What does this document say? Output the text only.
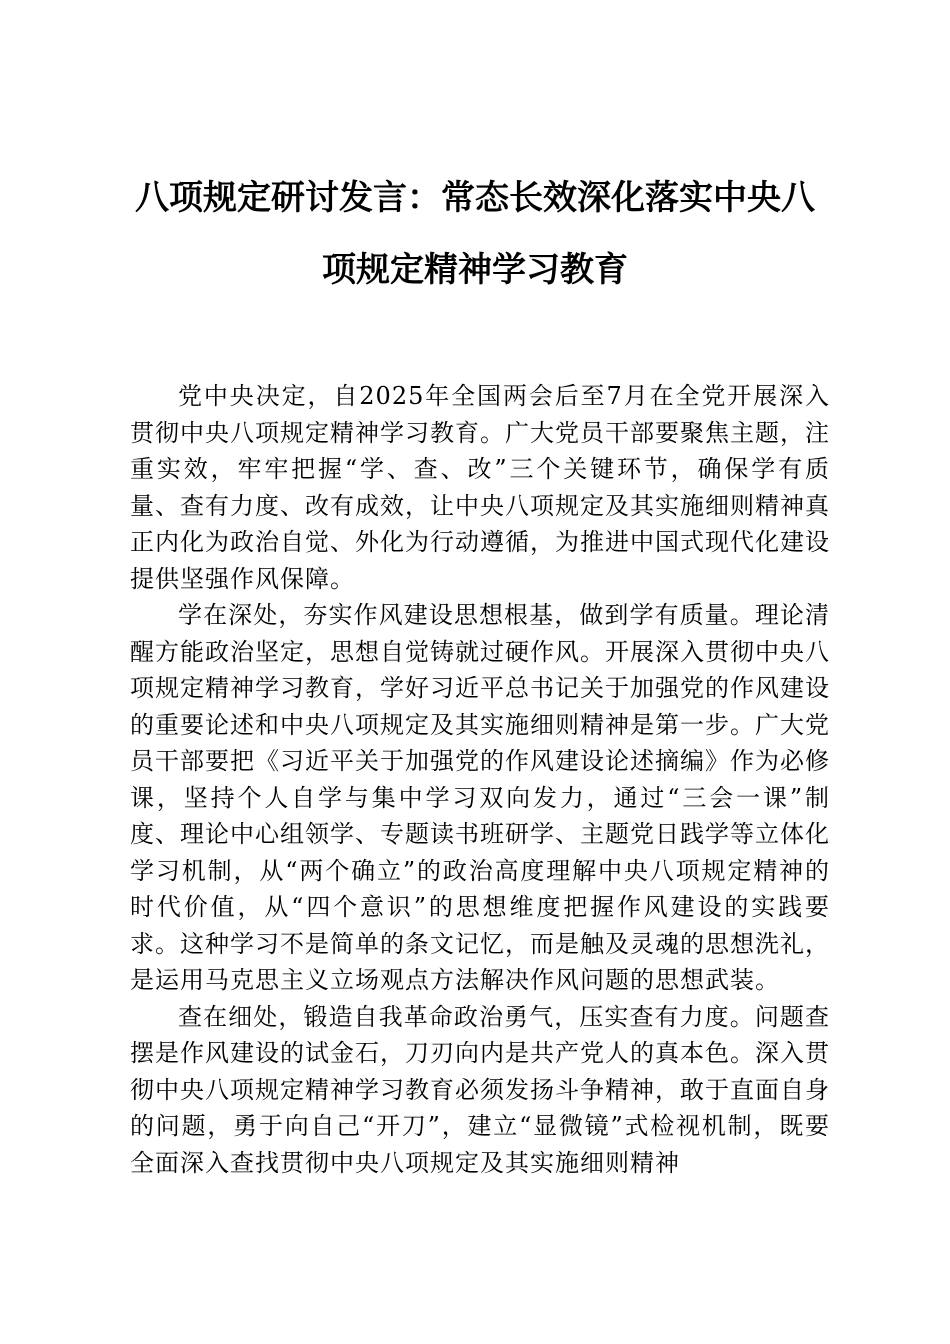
八项规定研讨发言：常态长效深化落实中央八项规定精神学习教育

党中央决定，自2025年全国两会后至7月在全党开展深入贯彻中央八项规定精神学习教育。广大党员干部要聚焦主题，注重实效，牢牢把握“学、查、改”三个关键环节，确保学有质量、查有力度、改有成效，让中央八项规定及其实施细则精神真正内化为政治自觉、外化为行动遵循，为推进中国式现代化建设提供坚强作风保障。

学在深处，夯实作风建设思想根基，做到学有质量。理论清醒方能政治坚定，思想自觉铸就过硬作风。开展深入贯彻中央八项规定精神学习教育，学好习近平总书记关于加强党的作风建设的重要论述和中央八项规定及其实施细则精神是第一步。广大党员干部要把《习近平关于加强党的作风建设论述摘编》作为必修课，坚持个人自学与集中学习双向发力，通过“三会一课”制度、理论中心组领学、专题读书班研学、主题党日践学等立体化学习机制，从“两个确立”的政治高度理解中央八项规定精神的时代价值，从“四个意识”的思想维度把握作风建设的实践要求。这种学习不是简单的条文记忆，而是触及灵魂的思想洗礼，是运用马克思主义立场观点方法解决作风问题的思想武装。

查在细处，锻造自我革命政治勇气，压实查有力度。问题查摆是作风建设的试金石，刀刃向内是共产党人的真本色。深入贯彻中央八项规定精神学习教育必须发扬斗争精神，敢于直面自身的问题，勇于向自己“开刀”，建立“显微镜”式检视机制，既要全面深入查找贯彻中央八项规定及其实施细则精神
